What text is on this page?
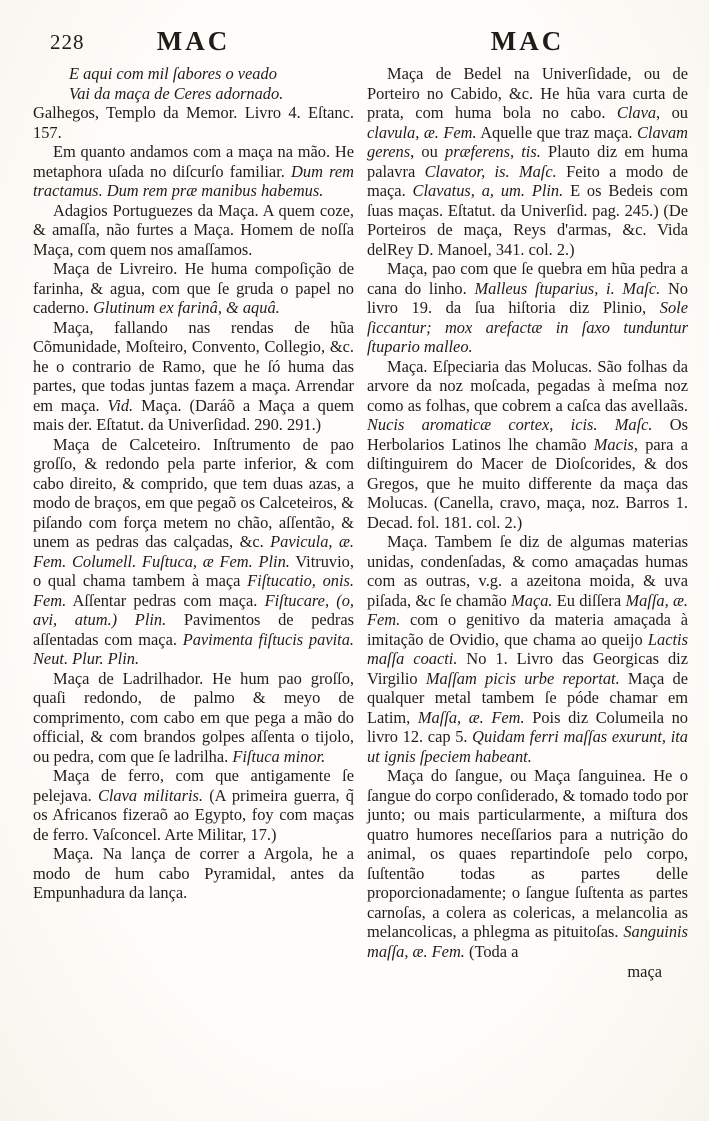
228	MAC	MAC

E aqui com mil ſabores o veado

Vai da maça de Ceres adornado.

Galhegos, Templo da Memor. Livro 4. Eſtanc. 157.

Em quanto andamos com a maça na mão. He metaphora uſada no diſcurſo familiar. Dum rem tractamus. Dum rem præ manibus habemus.

Adagios Portuguezes da Maça. A quem coze, & amaſſa, não furtes a Maça. Homem de noſſa Maça, com quem nos amaſſamos.

Maça de Livreiro. He huma compoſição de farinha, & agua, com que ſe gruda o papel no caderno. Glutinum ex farinâ, & aquâ.

Maça, fallando nas rendas de hũa Cõmunidade, Moſteiro, Convento, Collegio, &c. he o contrario de Ramo, que he ſó huma das partes, que todas juntas fazem a maça. Arrendar em maça. Vid. Maça. (Daráõ a Maça a quem mais der. Eſtatut. da Univerſidad. 290. 291.)

Maça de Calceteiro. Inſtrumento de pao groſſo, & redondo pela parte inferior, & com cabo direito, & comprido, que tem duas azas, a modo de braços, em que pegaõ os Calceteiros, & piſando com força metem no chão, aſſentão, & unem as pedras das calçadas, &c. Pavicula, æ. Fem. Columell. Fuſtuca, æ Fem. Plin. Vitruvio, o qual chama tambem à maça Fiſtucatio, onis. Fem. Aſſentar pedras com maça. Fiſtucare, (o, avi, atum.) Plin. Pavimentos de pedras aſſentadas com maça. Pavimenta fiſtucis pavita. Neut. Plur. Plin.

Maça de Ladrilhador. He hum pao groſſo, quaſi redondo, de palmo & meyo de comprimento, com cabo em que pega a mão do official, & com brandos golpes aſſenta o tijolo, ou pedra, com que ſe ladrilha. Fiſtuca minor.

Maça de ferro, com que antigamente ſe pelejava. Clava militaris. (A primeira guerra, q̃ os Africanos fizeraõ ao Egypto, foy com maças de ferro. Vaſconcel. Arte Militar, 17.)

Maça. Na lança de correr a Argola, he a modo de hum cabo Pyramidal, antes da Empunhadura da lança.

Maça de Bedel na Univerſidade, ou de Porteiro no Cabido, &c. He hũa vara curta de prata, com huma bola no cabo. Clava, ou clavula, æ. Fem. Aquelle que traz maça. Clavam gerens, ou præferens, tis. Plauto diz em huma palavra Clavator, is. Maſc. Feito a modo de maça. Clavatus, a, um. Plin. E os Bedeis com ſuas maças. Eſtatut. da Univerſid. pag. 245.) (De Porteiros de maça, Reys d'armas, &c. Vida delRey D. Manoel, 341. col. 2.)

Maça, pao com que ſe quebra em hũa pedra a cana do linho. Malleus ſtuparius, i. Maſc. No livro 19. da ſua hiſtoria diz Plinio, Sole ſiccantur; mox arefactæ in ſaxo tunduntur ſtupario malleo.

Maça. Eſpeciaria das Molucas. São folhas da arvore da noz moſcada, pegadas à meſma noz como as folhas, que cobrem a caſca das avellaãs. Nucis aromaticæ cortex, icis. Maſc. Os Herbolarios Latinos lhe chamão Macis, para a diſtinguirem do Macer de Dioſcorides, & dos Gregos, que he muito differente da maça das Molucas. (Canella, cravo, maça, noz. Barros 1. Decad. fol. 181. col. 2.)

Maça. Tambem ſe diz de algumas materias unidas, condenſadas, & como amaçadas humas com as outras, v.g. a azeitona moida, & uva piſada, &c ſe chamão Maça. Eu diſſera Maſſa, æ. Fem. com o genitivo da materia amaçada à imitação de Ovidio, que chama ao queijo Lactis maſſa coacti. No 1. Livro das Georgicas diz Virgilio Maſſam picis urbe reportat. Maça de qualquer metal tambem ſe póde chamar em Latim, Maſſa, æ. Fem. Pois diz Columeila no livro 12. cap 5. Quidam ferri maſſas exurunt, ita ut ignis ſpeciem habeant.

Maça do ſangue, ou Maça ſanguinea. He o ſangue do corpo conſiderado, & tomado todo por junto; ou mais particularmente, a miſtura dos quatro humores neceſſarios para a nutrição do animal, os quaes repartindoſe pelo corpo, ſuſtentão todas as partes delle proporcionadamente; o ſangue ſuſtenta as partes carnoſas, a colera as colericas, a melancolia as melancolicas, a phlegma as pituitoſas. Sanguinis maſſa, æ. Fem. (Toda a

maça
